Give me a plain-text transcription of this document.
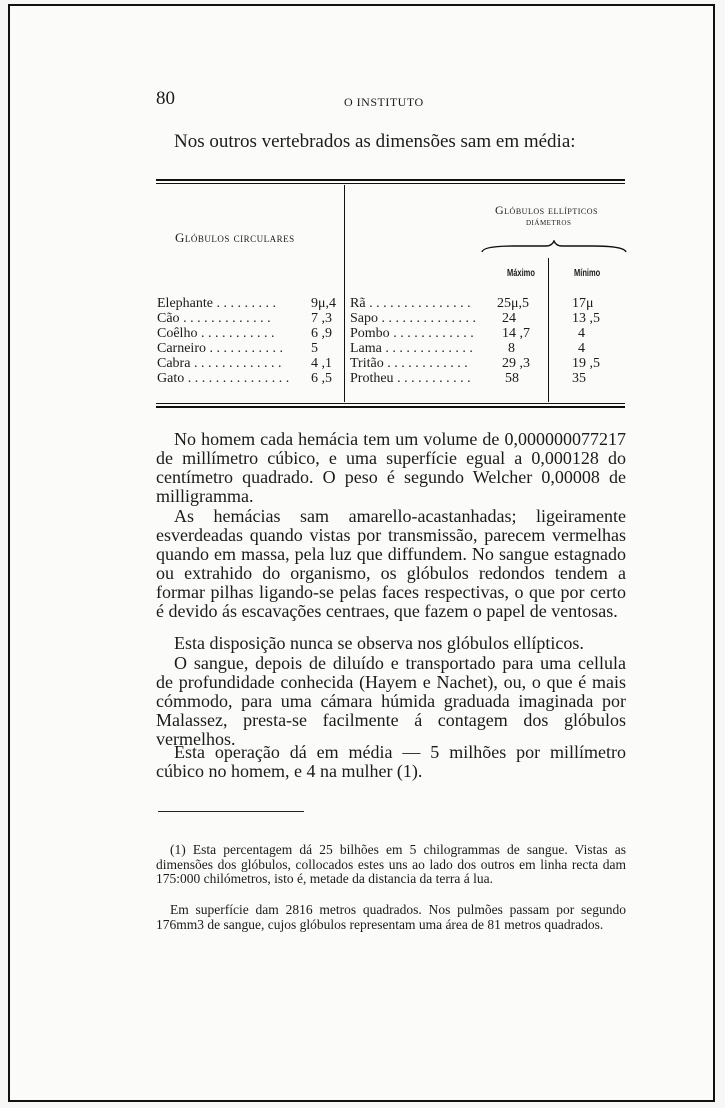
80	O INSTITUTO
Nos outros vertebrados as dimensões sam em média:
Glóbulos circulares
Glóbulos ellípticos
diámetros
Máximo	Mínimo
Elephante . . . . . . . . .	9μ,4
Cão . . . . . . . . . . . . .	7 ,3
Coêlho . . . . . . . . . . .	6 ,9
Carneiro . . . . . . . . . . . 5
Cabra . . . . . . . . . . . . . 4 ,1
Gato . . . . . . . . . . . . . . . 6 ,5
Rã . . . . . . . . . . . . . . . 25μ,5	17μ
Sapo . . . . . . . . . . . . . . 24	13 ,5
Pombo . . . . . . . . . . . . 14 ,7	4
Lama . . . . . . . . . . . . .	8	4
Tritão . . . . . . . . . . . . 29 ,3	19 ,5
Protheu . . . . . . . . . . . 58	35
No homem cada hemácia tem um volume de 0,000000077217 de millímetro cúbico, e uma superfície egual a 0,000128 do centímetro quadrado. O peso é segundo Welcher 0,00008 de milligramma.
As hemácias sam amarello-acastanhadas; ligeiramente esverdeadas quando vistas por transmissão, parecem vermelhas quando em massa, pela luz que diffundem. No sangue estagnado ou extrahido do organismo, os glóbulos redondos tendem a formar pilhas ligando-se pelas faces respectivas, o que por certo é devido ás escavações centraes, que fazem o papel de ventosas.
Esta disposição nunca se observa nos glóbulos ellípticos.
O sangue, depois de diluído e transportado para uma cellula de profundidade conhecida (Hayem e Nachet), ou, o que é mais cómmodo, para uma cámara húmida graduada imaginada por Malassez, presta-se facilmente á contagem dos glóbulos vermelhos.
Esta operação dá em média — 5 milhões por millímetro cúbico no homem, e 4 na mulher (1).
(1) Esta percentagem dá 25 bilhões em 5 chilogrammas de sangue. Vistas as dimensões dos glóbulos, collocados estes uns ao lado dos outros em linha recta dam 175:000 chilómetros, isto é, metade da distancia da terra á lua.
Em superfície dam 2816 metros quadrados. Nos pulmões passam por segundo 176mm3 de sangue, cujos glóbulos representam uma área de 81 metros quadrados.
